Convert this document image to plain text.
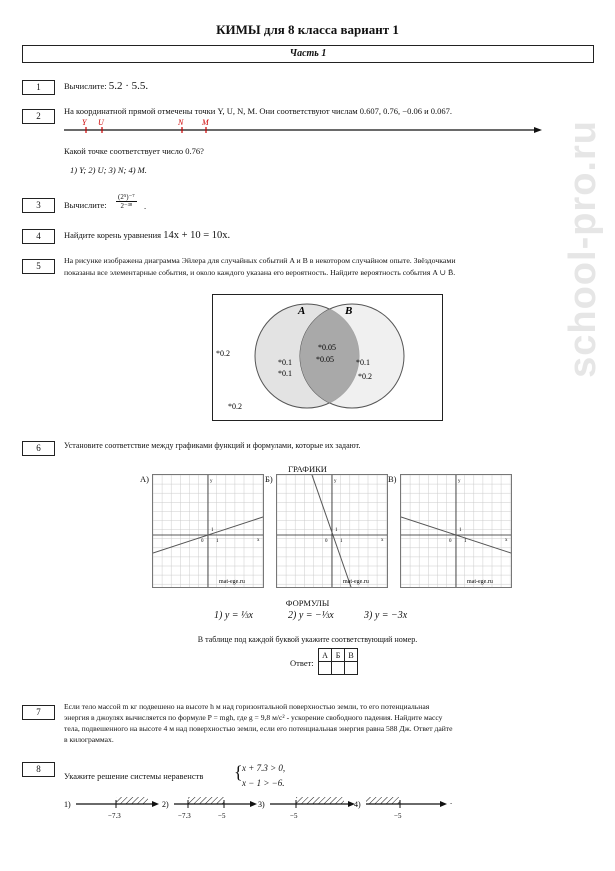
КИМЫ для 8 класса вариант 1
Часть 1
school-pro.ru
1	Вычислите: 5.2 · 5.5.
2	На координатной прямой отмечены точки Y, U, N, M. Они соответствуют числам 0.607, 0.76, −0.06 и 0.067.
Y U	N M
Какой точке соответствует число 0.76?
1) Y; 2) U; 3) N; 4) M.
3	Вычислите:
(2⁵)⁻⁷
2⁻³⁸	.
4	Найдите корень уравнения 14x + 10 = 10x.
5
На рисунке изображена диаграмма Эйлера для случайных событий A и B в некотором случайном опыте. Звёздочками
показаны все элементарные события, и около каждого указана его вероятность. Найдите вероятность события A ∪ B̄.
A	B
*0.2
*0.2
*0.1
*0.1
*0.05
*0.05	*0.1
*0.2
6	Установите соответствие между графиками функций и формулами, которые их задают.
ГРАФИКИ
А)	Б)	В)
1
0	1	x
y
mat-ege.ru
1
0	1	x
y
mat-ege.ru
1
0	1	x
y
mat-ege.ru
ФОРМУЛЫ
1) y = ⅓x	2) y = −⅓x	3) y = −3x
В таблице под каждой буквой укажите соответствующий номер.
Ответ:
А	Б	В

7
Если тело массой m кг подвешено на высоте h м над горизонтальной поверхностью земли, то его потенциальная
энергия в джоулях вычисляется по формуле P = mgh, где g = 9,8 м/с² - ускорение свободного падения. Найдите массу
тела, подвешенного на высоте 4 м над поверхностью земли, если его потенциальная энергия равна 588 Дж. Ответ дайте
в килограммах.
8
Укажите решение системы неравенств { x + 7.3 > 0,
x − 1 > −6.
1)
−7.3
2)
−7.3	−5
3)
−5
4)
−5
.
